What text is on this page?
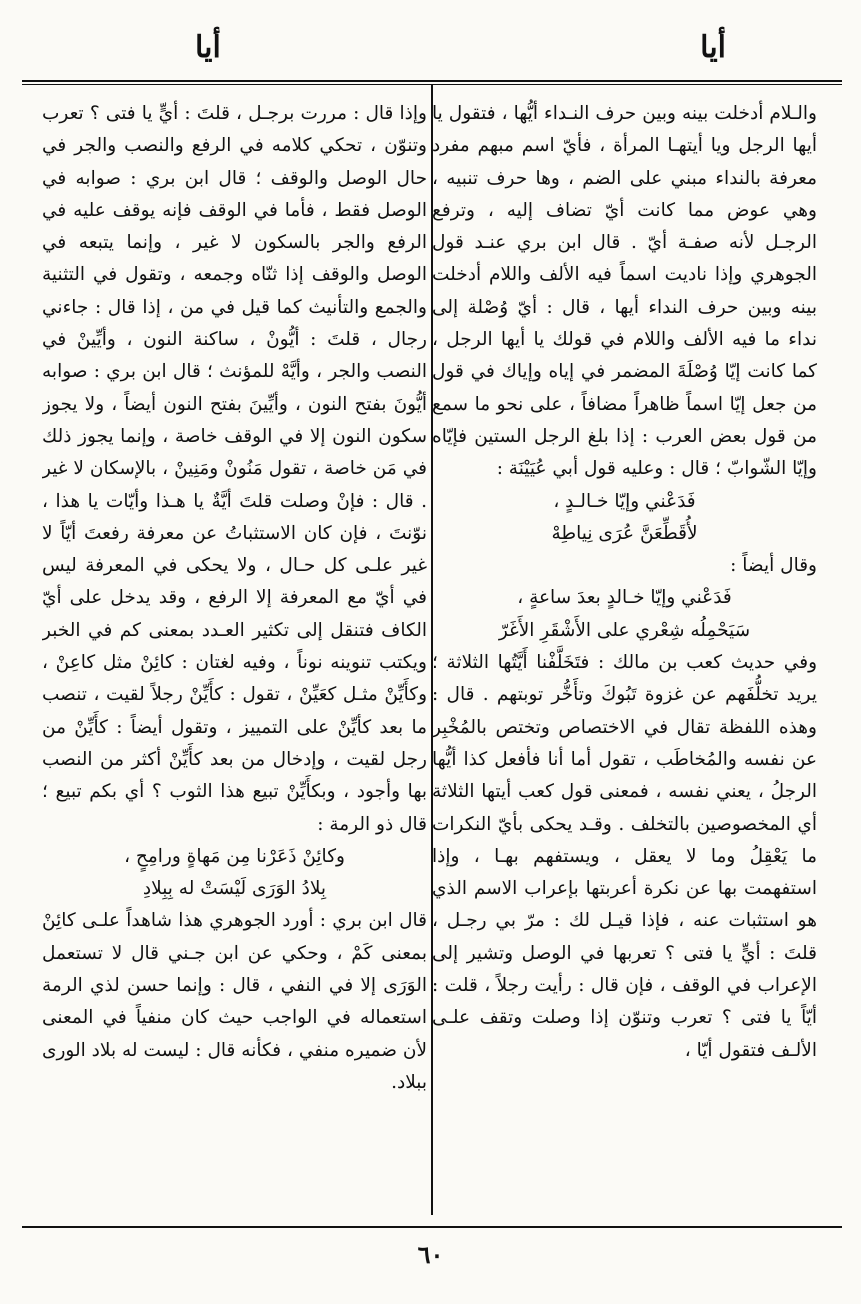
أيا
أيا

والـلام أدخلت بينه وبين حرف النـداء أيُّها ، فتقول يا أيها الرجل ويا أيتهـا المرأة ، فأيّ اسم مبهم مفرد معرفة بالنداء مبني على الضم ، وها حرف تنبيه ، وهي عوض مما كانت أيّ تضاف إليه ، وترفع الرجـل لأنه صفـة أيّ . قال ابن بري عنـد قول الجوهري وإذا ناديت اسماً فيه الألف واللام أدخلت بينه وبين حرف النداء أيها ، قال : أيّ وُصْلة إلى نداء ما فيه الألف واللام في قولك يا أيها الرجل ، كما كانت إيّا وُصْلَةَ المضمر في إياه وإياك في قول من جعل إيّا اسماً ظاهراً مضافاً ، على نحو ما سمع من قول بعض العرب : إذا بلغ الرجل الستين فإيّاه وإيّا الشّوابّ ؛ قال : وعليه قول أبي عُيَيْنَة :

فَدَعْني وإيّا خـالـدٍ ،
لأُقَطِّعَنَّ عُرَى نِياطِهْ

وقال أيضاً :

فَدَعْني وإيّا خـالدٍ بعدَ ساعةٍ ،
سَيَحْمِلُه شِعْري على الأَشْقَرِ الأَغَرّ

وفي حديث كعب بن مالك : فتَخَلَّفْنا أَيَّتُها الثلاثة ؛ يريد تخلُّفَهم عن غزوة تَبُوكَ وتأَخُّر توبتهم . قال : وهذه اللفظة تقال في الاختصاص وتختص بالمُخْبِر عن نفسه والمُخاطَب ، تقول أما أنا فأفعل كذا أيُّها الرجلُ ، يعني نفسه ، فمعنى قول كعب أيتها الثلاثة أي المخصوصين بالتخلف . وقـد يحكى بأيّ النكرات ما يَعْقِلُ وما لا يعقل ، ويستفهم بهـا ، وإذا استفهمت بها عن نكرة أعربتها بإعراب الاسم الذي هو استثبات عنه ، فإذا قيـل لك : مرّ بي رجـل ، قلتَ : أيٍّ يا فتى ؟ تعربها في الوصل وتشير إلى الإعراب في الوقف ، فإن قال : رأيت رجلاً ، قلت : أيّاً يا فتى ؟ تعرب وتنوّن إذا وصلت وتقف علـى الألـف فتقول أيّا ،

وإذا قال : مررت برجـل ، قلتَ : أيٍّ يا فتى ؟ تعرب وتنوّن ، تحكي كلامه في الرفع والنصب والجر في حال الوصل والوقف ؛ قال ابن بري : صوابه في الوصل فقط ، فأما في الوقف فإنه يوقف عليه في الرفع والجر بالسكون لا غير ، وإنما يتبعه في الوصل والوقف إذا ثنّاه وجمعه ، وتقول في التثنية والجمع والتأنيث كما قيل في من ، إذا قال : جاءني رجال ، قلتَ : أيُّونْ ، ساكنة النون ، وأيِّينْ في النصب والجر ، وأيَّهْ للمؤنث ؛ قال ابن بري : صوابه أيُّونَ بفتح النون ، وأيِّينَ بفتح النون أيضاً ، ولا يجوز سكون النون إلا في الوقف خاصة ، وإنما يجوز ذلك في مَن خاصة ، تقول مَنُونْ ومَنِينْ ، بالإسكان لا غير . قال : فإنْ وصلت قلتَ أيَّةٌ يا هـذا وأيّات يا هذا ، نوّنتَ ، فإن كان الاستثباتُ عن معرفة رفعتَ أيّاً لا غير علـى كل حـال ، ولا يحكى في المعرفة ليس في أيّ مع المعرفة إلا الرفع ، وقد يدخل على أيّ الكاف فتنقل إلى تكثير العـدد بمعنى كم في الخبر ويكتب تنوينه نوناً ، وفيه لغتان : كائِنْ مثل كاعِنْ ، وكأَيِّنْ مثـل كعَيِّنْ ، تقول : كأَيِّنْ رجلاً لقيت ، تنصب ما بعد كأيِّنْ على التمييز ، وتقول أيضاً : كأَيِّنْ من رجل لقيت ، وإدخال من بعد كأَيِّنْ أكثر من النصب بها وأجود ، وبكأَيِّنْ تبيع هذا الثوب ؟ أي بكم تبيع ؛ قال ذو الرمة :

وكائِنْ ذَعَرْنا مِن مَهاةٍ ورامِحٍ ،
بِلادُ الوَرَى لَيْسَتْ له بِبِلادِ

قال ابن بري : أورد الجوهري هذا شاهداً علـى كائِنْ بمعنى كَمْ ، وحكي عن ابن جـني قال لا تستعمل الوَرَى إلا في النفي ، قال : وإنما حسن لذي الرمة استعماله في الواجب حيث كان منفياً في المعنى لأن ضميره منفي ، فكأنه قال : ليست له بلاد الورى ببلاد.

٦٠
